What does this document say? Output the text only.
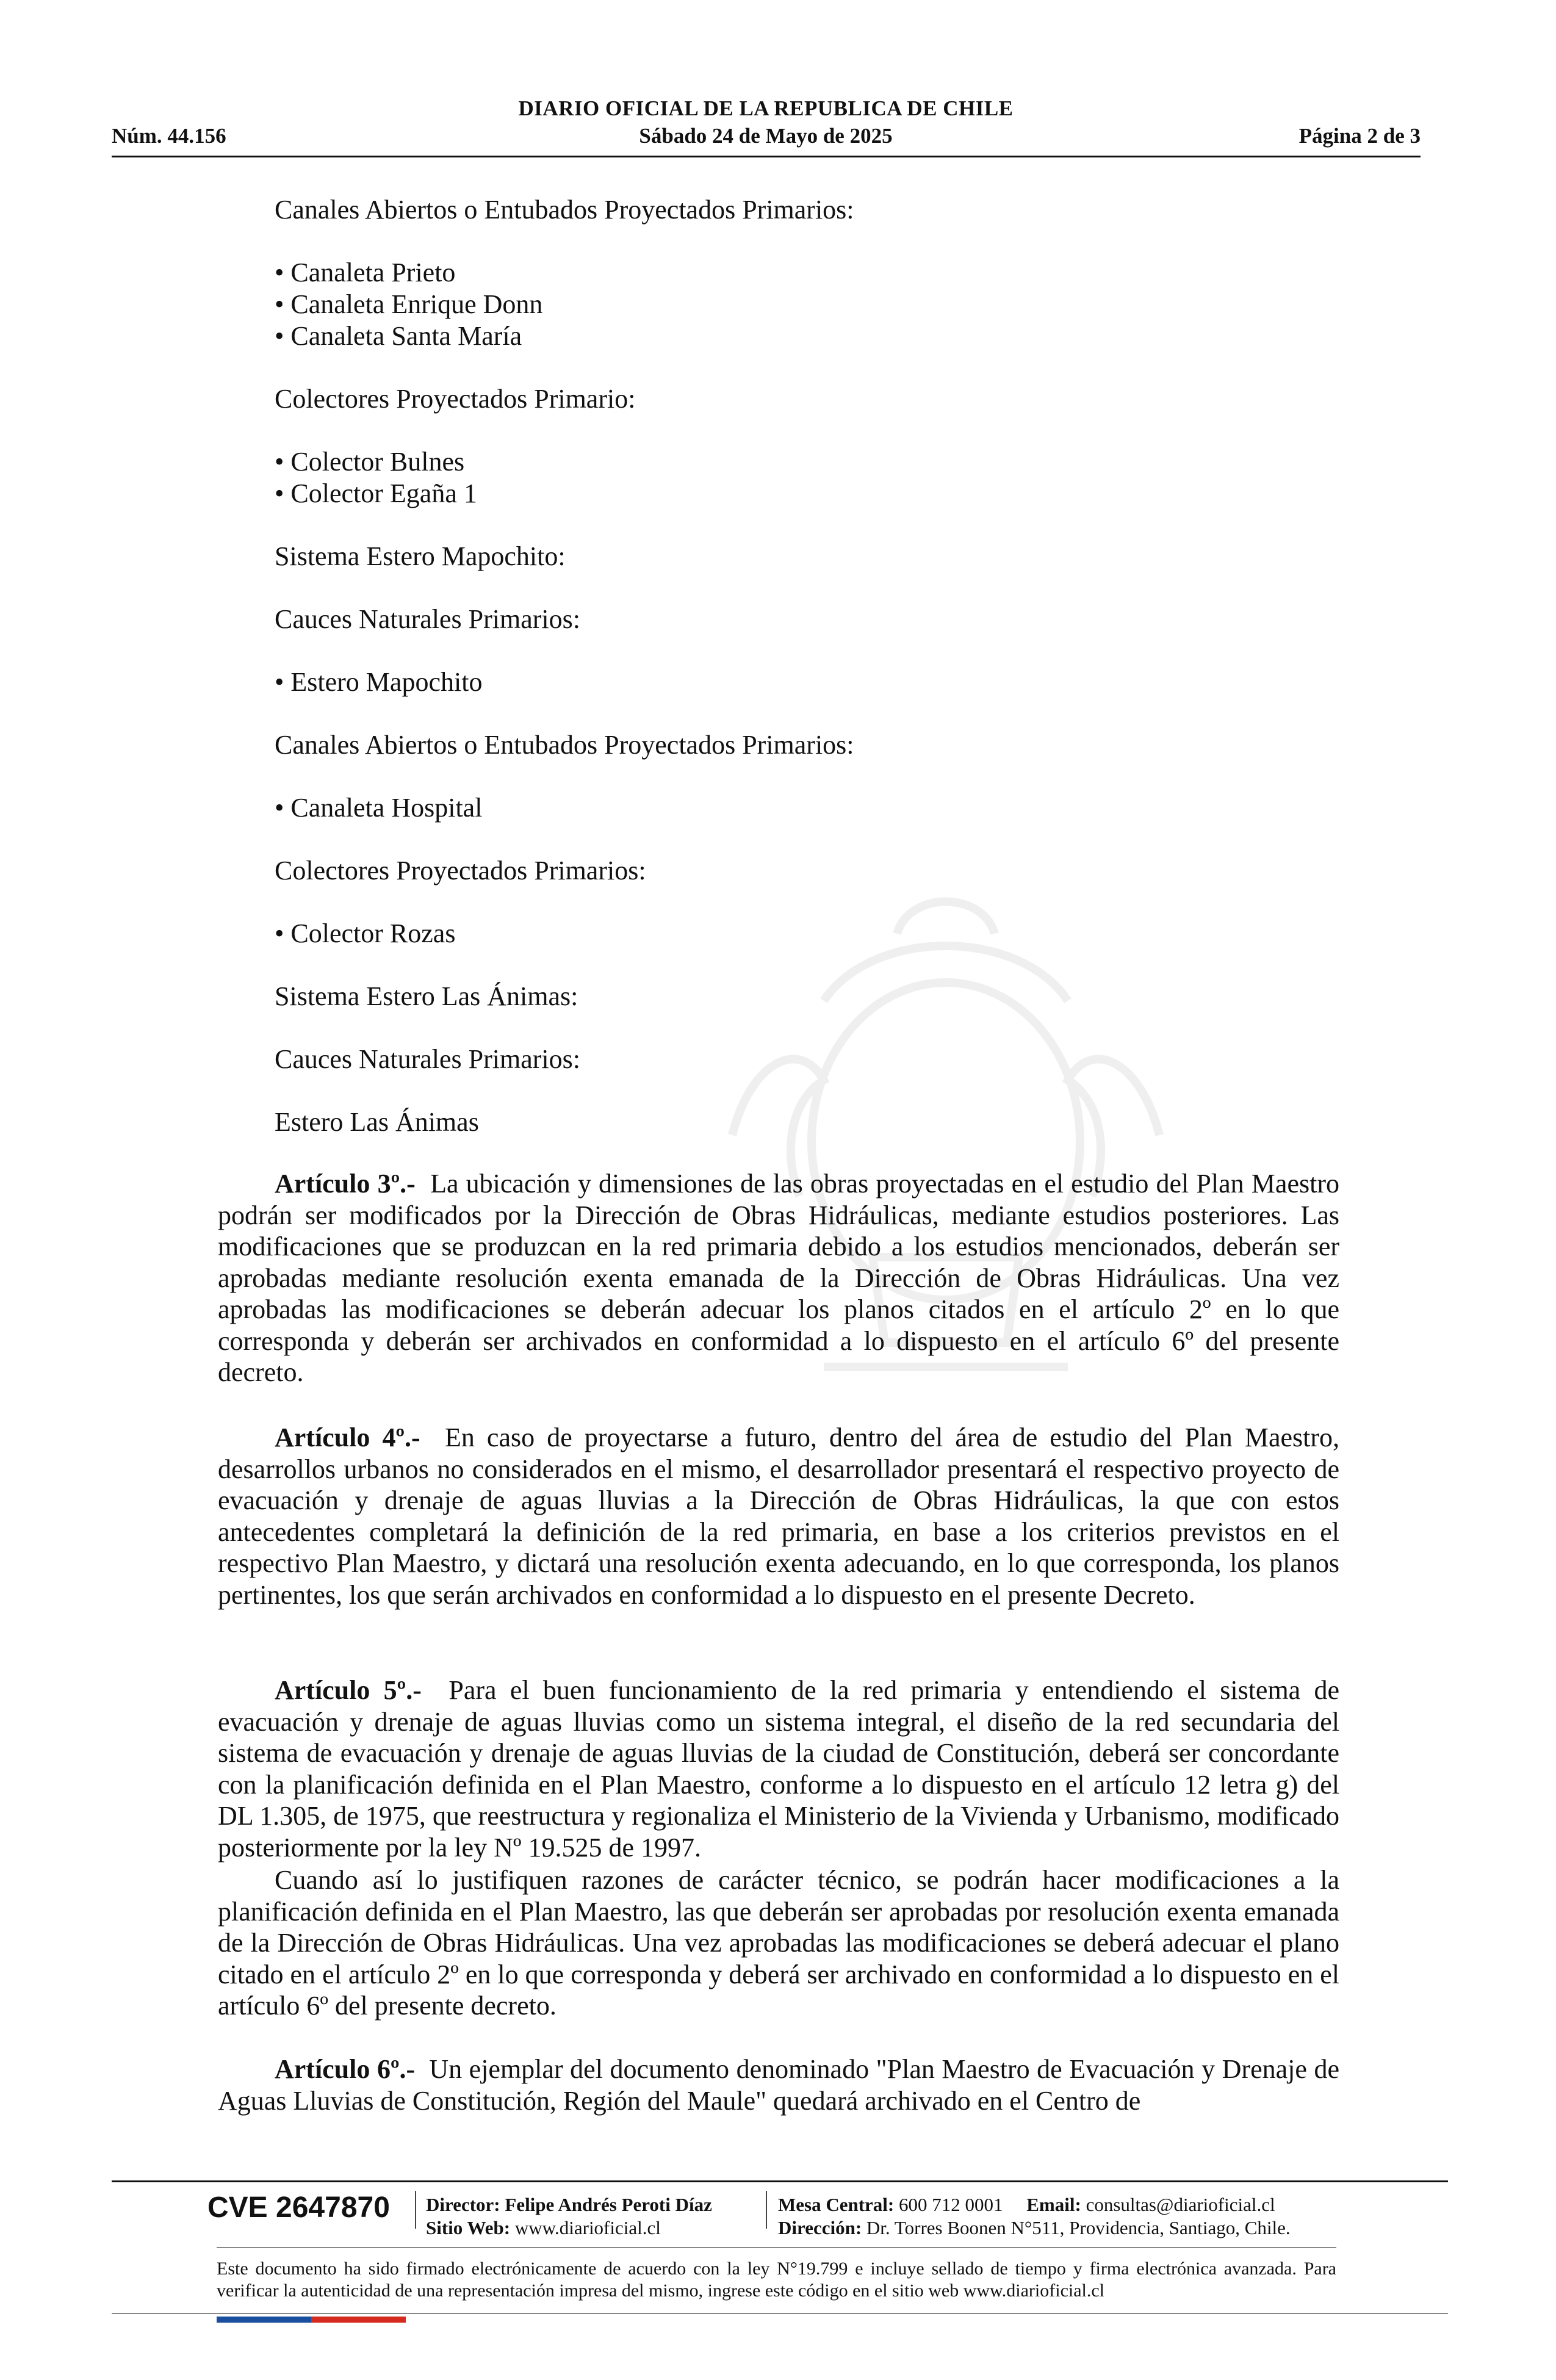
DIARIO OFICIAL DE LA REPUBLICA DE CHILE
Núm. 44.156	Sábado 24 de Mayo de 2025	Página 2 de 3
Canales Abiertos o Entubados Proyectados Primarios:
• Canaleta Prieto
• Canaleta Enrique Donn
• Canaleta Santa María
Colectores Proyectados Primario:
• Colector Bulnes
• Colector Egaña 1
Sistema Estero Mapochito:
Cauces Naturales Primarios:
• Estero Mapochito
Canales Abiertos o Entubados Proyectados Primarios:
• Canaleta Hospital
Colectores Proyectados Primarios:
• Colector Rozas
Sistema Estero Las Ánimas:
Cauces Naturales Primarios:
Estero Las Ánimas
Artículo 3º.- La ubicación y dimensiones de las obras proyectadas en el estudio del Plan Maestro podrán ser modificados por la Dirección de Obras Hidráulicas, mediante estudios posteriores. Las modificaciones que se produzcan en la red primaria debido a los estudios mencionados, deberán ser aprobadas mediante resolución exenta emanada de la Dirección de Obras Hidráulicas. Una vez aprobadas las modificaciones se deberán adecuar los planos citados en el artículo 2º en lo que corresponda y deberán ser archivados en conformidad a lo dispuesto en el artículo 6º del presente decreto.
Artículo 4º.- En caso de proyectarse a futuro, dentro del área de estudio del Plan Maestro, desarrollos urbanos no considerados en el mismo, el desarrollador presentará el respectivo proyecto de evacuación y drenaje de aguas lluvias a la Dirección de Obras Hidráulicas, la que con estos antecedentes completará la definición de la red primaria, en base a los criterios previstos en el respectivo Plan Maestro, y dictará una resolución exenta adecuando, en lo que corresponda, los planos pertinentes, los que serán archivados en conformidad a lo dispuesto en el presente Decreto.
Artículo 5º.- Para el buen funcionamiento de la red primaria y entendiendo el sistema de evacuación y drenaje de aguas lluvias como un sistema integral, el diseño de la red secundaria del sistema de evacuación y drenaje de aguas lluvias de la ciudad de Constitución, deberá ser concordante con la planificación definida en el Plan Maestro, conforme a lo dispuesto en el artículo 12 letra g) del DL 1.305, de 1975, que reestructura y regionaliza el Ministerio de la Vivienda y Urbanismo, modificado posteriormente por la ley Nº 19.525 de 1997.
Cuando así lo justifiquen razones de carácter técnico, se podrán hacer modificaciones a la planificación definida en el Plan Maestro, las que deberán ser aprobadas por resolución exenta emanada de la Dirección de Obras Hidráulicas. Una vez aprobadas las modificaciones se deberá adecuar el plano citado en el artículo 2º en lo que corresponda y deberá ser archivado en conformidad a lo dispuesto en el artículo 6º del presente decreto.
Artículo 6º.- Un ejemplar del documento denominado "Plan Maestro de Evacuación y Drenaje de Aguas Lluvias de Constitución, Región del Maule" quedará archivado en el Centro de
CVE 2647870 Director: Felipe Andrés Peroti Díaz
Sitio Web: www.diarioficial.cl
Mesa Central: 600 712 0001 Email: consultas@diarioficial.cl
Dirección: Dr. Torres Boonen N°511, Providencia, Santiago, Chile.
Este documento ha sido firmado electrónicamente de acuerdo con la ley N°19.799 e incluye sellado de tiempo y firma electrónica avanzada. Para verificar la autenticidad de una representación impresa del mismo, ingrese este código en el sitio web www.diarioficial.cl
